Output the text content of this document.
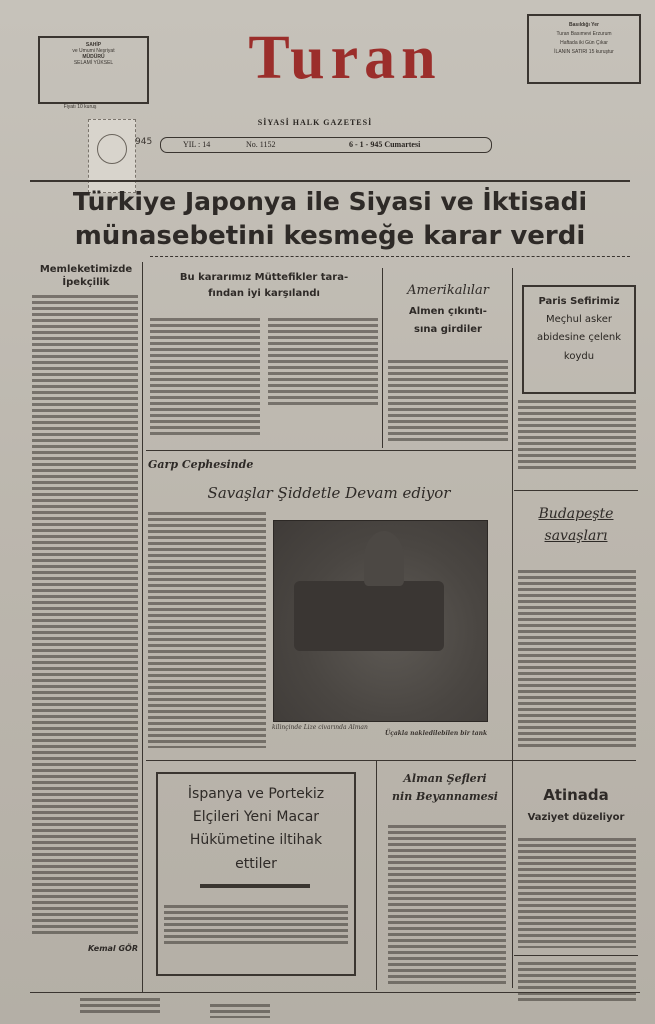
SAHİP
ve Umumi Neşriyat
MÜDÜRÜ
SELAMİ YÜKSEL
Fiyatı 10 kuruş
Basıldığı Yer
Turan Basımevi Erzurum
Haftada iki Gün Çıkar
İLANIN SATIRI 15 kuruştur
Turan
SİYASİ HALK GAZETESİ
945	YIL : 14	No. 1152	6 - 1 - 945 Cumartesi
Türkiye Japonya ile Siyasi ve İktisadi
münasebetini kesmeğe karar verdi
Memleketimizde
İpekçilik
Kemal GÖR
Bu kararımız Müttefikler tara-
fından iyi karşılandı	Amerikalılar
Almen çıkıntı-
sına girdiler
Paris Sefirimiz
Meçhul asker
abidesine çelenk
koydu
Garp Cephesinde
Savaşlar Şiddetle Devam ediyor
kilinçinde Lize civarında Alman
Üçakla nakledilebilen bir tank
Budapeşte
savaşları
İspanya ve Portekiz
Elçileri Yeni Macar
Hükümetine iltihak
ettiler
Alman Şefleri
nin Beyannamesi	Atinada
Vaziyet düzeliyor
